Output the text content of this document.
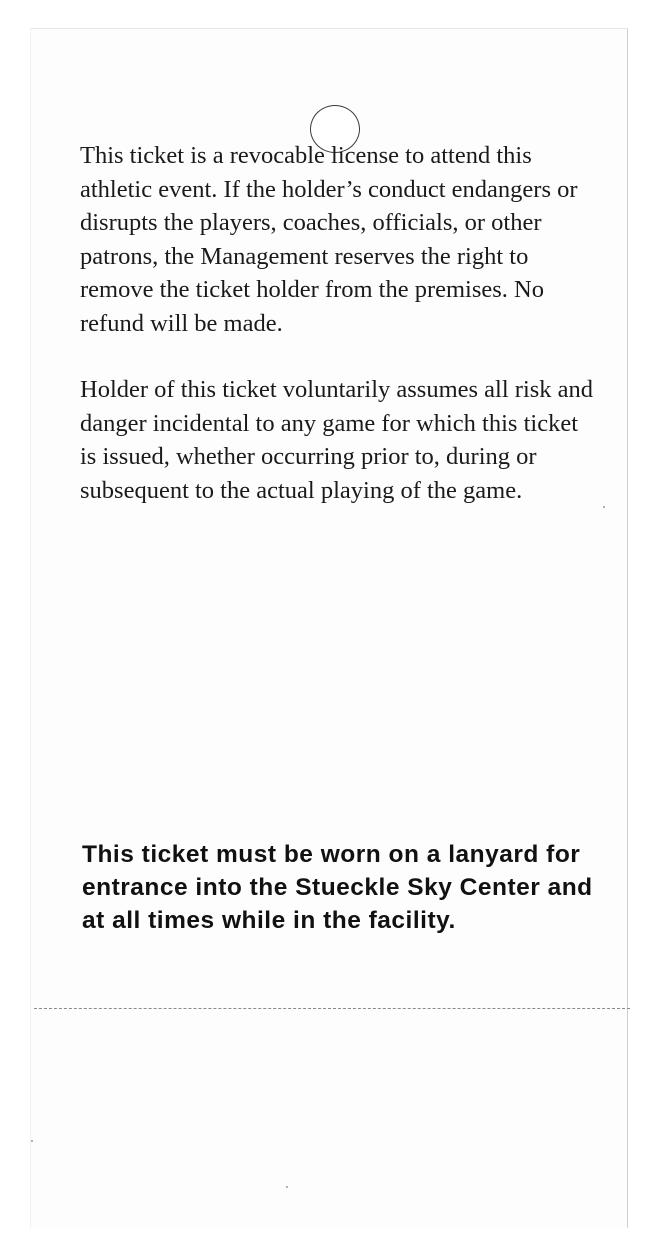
This ticket is a revocable license to attend this athletic event. If the holder’s conduct endangers or disrupts the players, coaches, officials, or other patrons, the Management reserves the right to remove the ticket holder from the premises. No refund will be made.

Holder of this ticket voluntarily assumes all risk and danger incidental to any game for which this ticket is issued, whether occurring prior to, during or subsequent to the actual playing of the game.

This ticket must be worn on a lanyard for entrance into the Stueckle Sky Center and at all times while in the facility.
